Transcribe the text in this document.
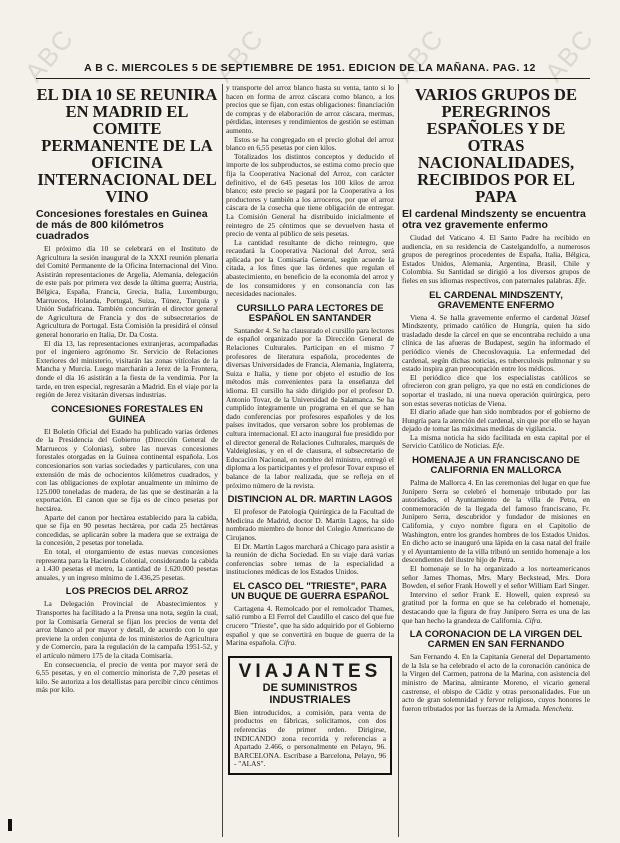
ABC	ABC	ABC	ABC
A B C. MIERCOLES 5 DE SEPTIEMBRE DE 1951. EDICION DE LA MAÑANA. PAG. 12
EL DIA 10 SE REUNIRA EN MADRID EL COMITE PERMANENTE DE LA OFICINA INTERNACIONAL DEL VINO
Concesiones forestales en Guinea de más de 800 kilómetros cuadrados

El próximo día 10 se celebrará en el Instituto de Agricultura la sesión inaugural de la XXXI reunión plenaria del Comité Permanente de la Oficina Internacional del Vino. Asistirán representaciones de Argelia, Alemania, delegación de este país por primera vez desde la última guerra; Austria, Bélgica, España, Francia, Grecia, Italia, Luxemburgo, Marruecos, Holanda, Portugal, Suiza, Túnez, Turquía y Unión Sudafricana. También concurrirán el director general de Agricultura de Francia y dos de subsecretarios de Agricultura de Portugal. Esta Comisión la presidirá el cónsul general honorario en Italia, Dr. Da Costa.

El día 13, las representaciones extranjeras, acompañadas por el ingeniero agrónomo Sr. Servicio de Relaciones Exteriores del ministerio, visitarán las zonas vitícolas de la Mancha y Murcia. Luego marcharán a Jerez de la Frontera, donde el día 16 asistirán a la fiesta de la vendimia. Por la tarde, en tren especial, regresarán a Madrid. En el viaje por la región de Jerez visitarán diversas industrias.

CONCESIONES FORESTALES EN GUINEA

El Boletín Oficial del Estado ha publicado varias órdenes de la Presidencia del Gobierno (Dirección General de Marruecos y Colonias), sobre las nuevas concesiones forestales otorgadas en la Guinea continental española. Los concesionarios son varias sociedades y particulares, con una extensión de más de ochocientos kilómetros cuadrados, y con las obligaciones de explotar anualmente un mínimo de 125.000 toneladas de madera, de las que se destinarán a la exportación. El canon que se fija es de cinco pesetas por hectárea.

Aparte del canon por hectárea establecido para la cabida, que se fija en 90 pesetas hectárea, por cada 25 hectáreas concedidas, se aplicarán sobre la madera que se extraiga de la concesión, 2 pesetas por tonelada.

En total, el otorgamiento de estas nuevas concesiones representa para la Hacienda Colonial, considerando la cabida a 1.430 pesetas el metro, la cantidad de 1.620.000 pesetas anuales, y un ingreso mínimo de 1.436,25 pesetas.

LOS PRECIOS DEL ARROZ

La Delegación Provincial de Abastecimientos y Transportes ha facilitado a la Prensa una nota, según la cual, por la Comisaría General se fijan los precios de venta del arroz blanco al por mayor y detall, de acuerdo con lo que previene la orden conjunta de los ministerios de Agricultura y de Comercio, para la regulación de la campaña 1951-52, y el artículo número 175 de la citada Comisaría.

En consecuencia, el precio de venta por mayor será de 6,55 pesetas, y en el comercio minorista de 7,20 pesetas el kilo. Se autoriza a los detallistas para percibir cinco céntimos más por kilo.

y transporte del arroz blanco hasta su venta, tanto si lo hacen en forma de arroz cáscara como blanco, a los precios que se fijan, con estas obligaciones: financiación de compras y de elaboración de arroz cáscara, mermas, pérdidas, intereses y rendimientos de gestión se estiman aumento.

Estos se ha congregado en el precio global del arroz blanco en 6,55 pesetas por cien kilos.

Totalizados los distintos conceptos y deducido el importe de los subproductos, se estima como precio que fija la Cooperativa Nacional del Arroz, con carácter definitivo, el de 645 pesetas los 100 kilos de arroz blanco; este precio se pagará por la Cooperativa a los productores y también a los arroceros, por que el arroz cáscara de la cosecha que tiene obligación de entregar. La Comisión General ha distribuido inicialmente el reintegro de 25 céntimos que se devuelven hasta el precio de venta al público de seis pesetas.

La cantidad resultante de dicho reintegro, que recaudará la Cooperativa Nacional del Arroz, será aplicada por la Comisaría General, según acuerde la citada, a los fines que las órdenes que regulan el abastecimiento, en beneficio de la economía del arroz y de los consumidores y en consonancia con las necesidades nacionales.

CURSILLO PARA LECTORES DE ESPAÑOL EN SANTANDER

Santander 4. Se ha clausurado el cursillo para lectores de español organizado por la Dirección General de Relaciones Culturales. Participan en el mismo 7 profesores de literatura española, procedentes de diversas Universidades de Francia, Alemania, Inglaterra, Suiza e Italia, y tiene por objeto el estudio de los métodos más convenientes para la enseñanza del idioma. El cursillo ha sido dirigido por el profesor D. Antonio Tovar, de la Universidad de Salamanca. Se ha cumplido íntegramente un programa en el que se han dado conferencias por profesores españoles y de los países invitados, que versaron sobre los problemas de cultura internacional. El acto inaugural fue presidido por el director general de Relaciones Culturales, marqués de Valdeiglesias, y en el de clausura, el subsecretario de Educación Nacional, en nombre del ministro, entregó el diploma a los participantes y el profesor Tovar expuso el balance de la labor realizada, que se refleja en el próximo número de la revista.

DISTINCION AL DR. MARTIN LAGOS

El profesor de Patología Quirúrgica de la Facultad de Medicina de Madrid, doctor D. Martín Lagos, ha sido nombrado miembro de honor del Colegio Americano de Cirujanos.

El Dr. Martín Lagos marchará a Chicago para asistir a la reunión de dicha Sociedad. En su viaje dará varias conferencias sobre temas de la especialidad a instituciones médicas de los Estados Unidos.

EL CASCO DEL "TRIESTE", PARA UN BUQUE DE GUERRA ESPAÑOL

Cartagena 4. Remolcado por el remolcador Thames, salió rumbo a El Ferrol del Caudillo el casco del que fue crucero "Trieste", que ha sido adquirido por el Gobierno español y que se convertirá en buque de guerra de la Marina española. Cifra.

VIAJANTES
DE SUMINISTROS INDUSTRIALES
Bien introducidos, a comisión, para venta de productos en fábricas, solicitamos, con dos referencias de primer orden. Dirigirse, INDICANDO zona recorrida y referencias a Apartado 2.466, o personalmente en Pelayo, 96. BARCELONA. Escríbase a Barcelona, Pelayo, 96 - "ALAS".
VARIOS GRUPOS DE PEREGRINOS ESPAÑOLES Y DE OTRAS NACIONALIDADES, RECIBIDOS POR EL PAPA
El cardenal Mindszenty se encuentra otra vez gravemente enfermo

Ciudad del Vaticano 4. El Santo Padre ha recibido en audiencia, en su residencia de Castelgandolfo, a numerosos grupos de peregrinos procedentes de España, Italia, Bélgica, Estados Unidos, Alemania, Argentina, Brasil, Chile y Colombia. Su Santidad se dirigió a los diversos grupos de fieles en sus idiomas respectivos, con paternales palabras. Efe.

EL CARDENAL MINDSZENTY, GRAVEMENTE ENFERMO

Viena 4. Se halla gravemente enfermo el cardenal József Mindszenty, primado católico de Hungría, quien ha sido trasladado desde la cárcel en que se encontraba recluido a una clínica de las afueras de Budapest, según ha informado el periódico vienés de Checoslovaquia. La enfermedad del cardenal, según dichas noticias, es tuberculosis pulmonar y su estado inspira gran preocupación entre los médicos.

El periódico dice que los especialistas católicos se ofrecieron con gran peligro, ya que no está en condiciones de soportar el traslado, ni una nueva operación quirúrgica, pero son estas severas noticias de Viena.

El diario añade que han sido nombrados por el gobierno de Hungría para la atención del cardenal, sin que por ello se hayan dejado de tomar las máximas medidas de vigilancia.

La misma noticia ha sido facilitada en esta capital por el Servicio Católico de Noticias. Efe.

HOMENAJE A UN FRANCISCANO DE CALIFORNIA EN MALLORCA

Palma de Mallorca 4. En las ceremonias del lugar en que fue Junípero Serra se celebró el homenaje tributado por las autoridades, el Ayuntamiento de la villa de Petra, en conmemoración de la llegada del famoso franciscano, Fr. Junípero Serra, descubridor y fundador de misiones en California, y cuyo nombre figura en el Capitolio de Washington, entre los grandes hombres de los Estados Unidos. En dicho acto se inauguró una lápida en la casa natal del fraile y el Ayuntamiento de la villa tributó un sentido homenaje a los descendientes del ilustre hijo de Petra.

El homenaje se lo ha organizado a los norteamericanos señor James Thomas, Mrs. Mary Beckstead, Mrs. Dora Bowden, el señor Frank Howell y el señor William Earl Singer.

Intervino el señor Frank E. Howell, quien expresó su gratitud por la forma en que se ha celebrado el homenaje, destacando que la figura de fray Junípero Serra es una de las que han hecho la grandeza de California. Cifra.

LA CORONACION DE LA VIRGEN DEL CARMEN EN SAN FERNANDO

San Fernando 4. En la Capitanía General del Departamento de la Isla se ha celebrado el acto de la coronación canónica de la Virgen del Carmen, patrona de la Marina, con asistencia del ministro de Marina, almirante Moreno, el vicario general castrense, el obispo de Cádiz y otras personalidades. Fue un acto de gran solemnidad y fervor religioso, cuyos honores le fueron tributados por las fuerzas de la Armada. Mencheta.
